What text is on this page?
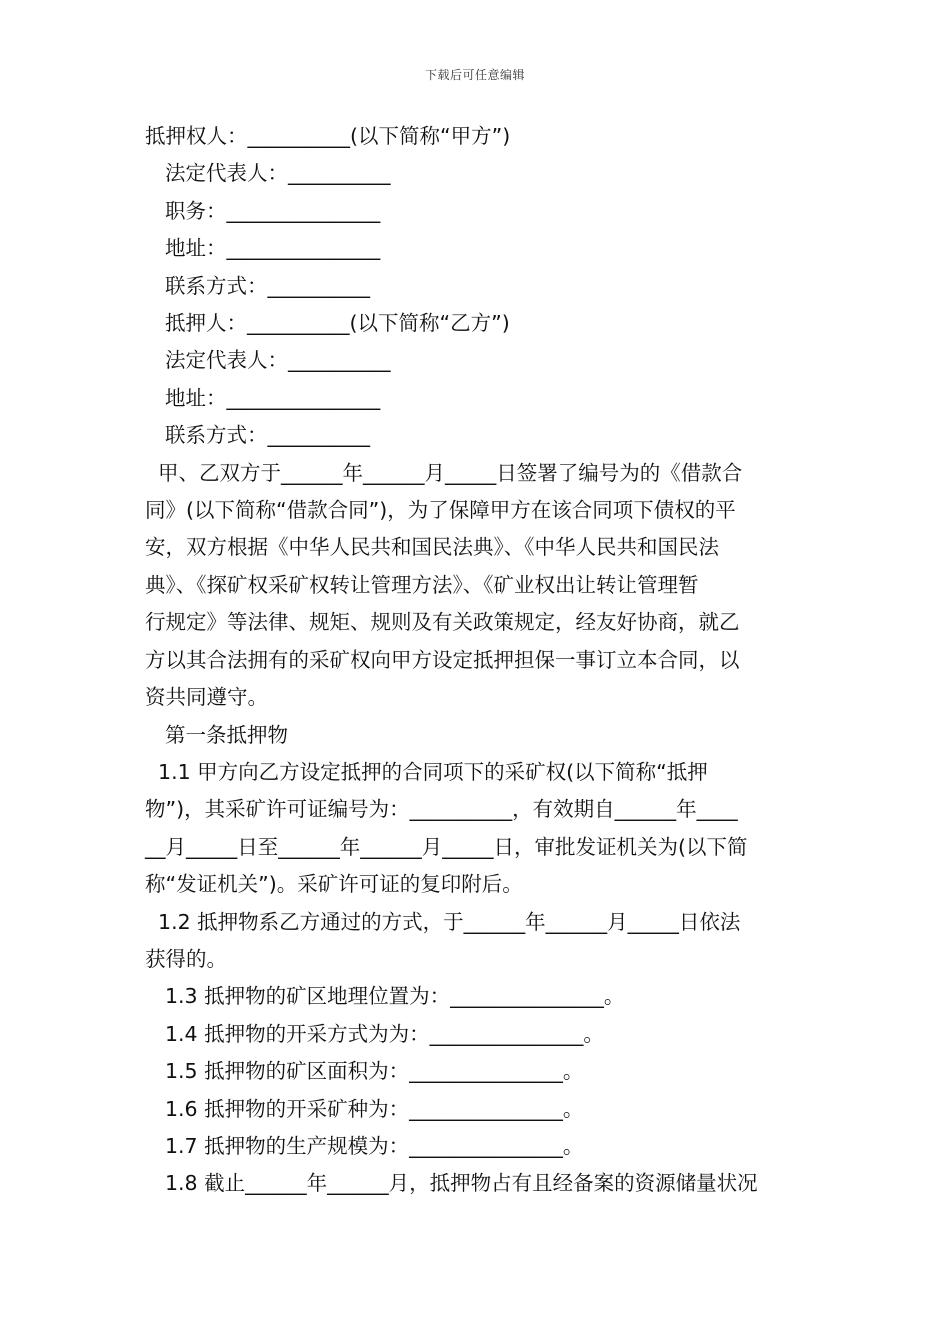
下载后可任意编辑
抵押权人：__________(以下简称“甲方”)
法定代表人：__________
职务：_______________
地址：_______________
联系方式：__________
抵押人：__________(以下简称“乙方”)
法定代表人：__________
地址：_______________
联系方式：__________
甲、乙双方于______年______月_____日签署了编号为的《借款合
同》(以下简称“借款合同”)，为了保障甲方在该合同项下债权的平
安，双方根据《中华人民共和国民法典》、《中华人民共和国民法
典》、《探矿权采矿权转让管理方法》、《矿业权出让转让管理暂
行规定》等法律、规矩、规则及有关政策规定，经友好协商，就乙
方以其合法拥有的采矿权向甲方设定抵押担保一事订立本合同，以
资共同遵守。
第一条抵押物
1.1 甲方向乙方设定抵押的合同项下的采矿权(以下简称“抵押
物”)，其采矿许可证编号为：__________，有效期自______年____
__月_____日至______年______月_____日，审批发证机关为(以下简
称“发证机关”)。采矿许可证的复印附后。
1.2 抵押物系乙方通过的方式，于______年______月_____日依法
获得的。
1.3 抵押物的矿区地理位置为：_______________。
1.4 抵押物的开采方式为为：_______________。
1.5 抵押物的矿区面积为：_______________。
1.6 抵押物的开采矿种为：_______________。
1.7 抵押物的生产规模为：_______________。
1.8 截止______年______月，抵押物占有且经备案的资源储量状况
